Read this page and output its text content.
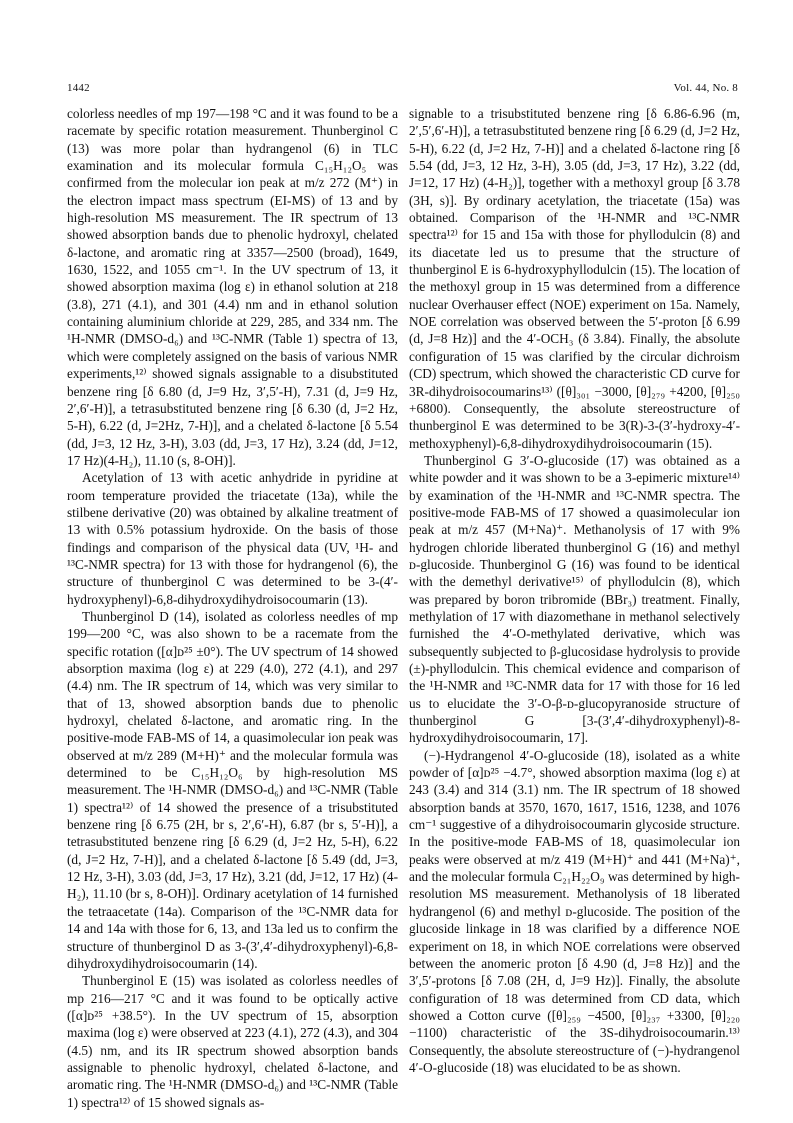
1442	Vol. 44, No. 8

colorless needles of mp 197—198 °C and it was found to be a racemate by specific rotation measurement. Thunberginol C (13) was more polar than hydrangenol (6) in TLC examination and its molecular formula C₁₅H₁₂O₅ was confirmed from the molecular ion peak at m/z 272 (M⁺) in the electron impact mass spectrum (EI-MS) of 13 and by high-resolution MS measurement. The IR spectrum of 13 showed absorption bands due to phenolic hydroxyl, chelated δ-lactone, and aromatic ring at 3357—2500 (broad), 1649, 1630, 1522, and 1055 cm⁻¹. In the UV spectrum of 13, it showed absorption maxima (log ε) in ethanol solution at 218 (3.8), 271 (4.1), and 301 (4.4) nm and in ethanol solution containing aluminium chloride at 229, 285, and 334 nm. The ¹H-NMR (DMSO-d₆) and ¹³C-NMR (Table 1) spectra of 13, which were completely assigned on the basis of various NMR experiments,¹²⁾ showed signals assignable to a disubstituted benzene ring [δ 6.80 (d, J=9 Hz, 3′,5′-H), 7.31 (d, J=9 Hz, 2′,6′-H)], a tetrasubstituted benzene ring [δ 6.30 (d, J=2 Hz, 5-H), 6.22 (d, J=2Hz, 7-H)], and a chelated δ-lactone [δ 5.54 (dd, J=3, 12 Hz, 3-H), 3.03 (dd, J=3, 17 Hz), 3.24 (dd, J=12, 17 Hz)(4-H₂), 11.10 (s, 8-OH)].

Acetylation of 13 with acetic anhydride in pyridine at room temperature provided the triacetate (13a), while the stilbene derivative (20) was obtained by alkaline treatment of 13 with 0.5% potassium hydroxide. On the basis of those findings and comparison of the physical data (UV, ¹H- and ¹³C-NMR spectra) for 13 with those for hydrangenol (6), the structure of thunberginol C was determined to be 3-(4′-hydroxyphenyl)-6,8-dihydroxydihydroisocoumarin (13).

Thunberginol D (14), isolated as colorless needles of mp 199—200 °C, was also shown to be a racemate from the specific rotation ([α]ᴅ²⁵ ±0°). The UV spectrum of 14 showed absorption maxima (log ε) at 229 (4.0), 272 (4.1), and 297 (4.4) nm. The IR spectrum of 14, which was very similar to that of 13, showed absorption bands due to phenolic hydroxyl, chelated δ-lactone, and aromatic ring. In the positive-mode FAB-MS of 14, a quasimolecular ion peak was observed at m/z 289 (M+H)⁺ and the molecular formula was determined to be C₁₅H₁₂O₆ by high-resolution MS measurement. The ¹H-NMR (DMSO-d₆) and ¹³C-NMR (Table 1) spectra¹²⁾ of 14 showed the presence of a trisubstituted benzene ring [δ 6.75 (2H, br s, 2′,6′-H), 6.87 (br s, 5′-H)], a tetrasubstituted benzene ring [δ 6.29 (d, J=2 Hz, 5-H), 6.22 (d, J=2 Hz, 7-H)], and a chelated δ-lactone [δ 5.49 (dd, J=3, 12 Hz, 3-H), 3.03 (dd, J=3, 17 Hz), 3.21 (dd, J=12, 17 Hz) (4-H₂), 11.10 (br s, 8-OH)]. Ordinary acetylation of 14 furnished the tetraacetate (14a). Comparison of the ¹³C-NMR data for 14 and 14a with those for 6, 13, and 13a led us to confirm the structure of thunberginol D as 3-(3′,4′-dihydroxyphenyl)-6,8-dihydroxydihydroisocoumarin (14).

Thunberginol E (15) was isolated as colorless needles of mp 216—217 °C and it was found to be optically active ([α]ᴅ²⁵ +38.5°). In the UV spectrum of 15, absorption maxima (log ε) were observed at 223 (4.1), 272 (4.3), and 304 (4.5) nm, and its IR spectrum showed absorption bands assignable to phenolic hydroxyl, chelated δ-lactone, and aromatic ring. The ¹H-NMR (DMSO-d₆) and ¹³C-NMR (Table 1) spectra¹²⁾ of 15 showed signals as-

signable to a trisubstituted benzene ring [δ 6.86-6.96 (m, 2′,5′,6′-H)], a tetrasubstituted benzene ring [δ 6.29 (d, J=2 Hz, 5-H), 6.22 (d, J=2 Hz, 7-H)] and a chelated δ-lactone ring [δ 5.54 (dd, J=3, 12 Hz, 3-H), 3.05 (dd, J=3, 17 Hz), 3.22 (dd, J=12, 17 Hz) (4-H₂)], together with a methoxyl group [δ 3.78 (3H, s)]. By ordinary acetylation, the triacetate (15a) was obtained. Comparison of the ¹H-NMR and ¹³C-NMR spectra¹²⁾ for 15 and 15a with those for phyllodulcin (8) and its diacetate led us to presume that the structure of thunberginol E is 6-hydroxyphyllodulcin (15). The location of the methoxyl group in 15 was determined from a difference nuclear Overhauser effect (NOE) experiment on 15a. Namely, NOE correlation was observed between the 5′-proton [δ 6.99 (d, J=8 Hz)] and the 4′-OCH₃ (δ 3.84). Finally, the absolute configuration of 15 was clarified by the circular dichroism (CD) spectrum, which showed the characteristic CD curve for 3R-dihydroisocoumarins¹³⁾ ([θ]₃₀₁ −3000, [θ]₂₇₉ +4200, [θ]₂₅₀ +6800). Consequently, the absolute stereostructure of thunberginol E was determined to be 3(R)-3-(3′-hydroxy-4′-methoxyphenyl)-6,8-dihydroxydihydroisocoumarin (15).

Thunberginol G 3′-O-glucoside (17) was obtained as a white powder and it was shown to be a 3-epimeric mixture¹⁴⁾ by examination of the ¹H-NMR and ¹³C-NMR spectra. The positive-mode FAB-MS of 17 showed a quasimolecular ion peak at m/z 457 (M+Na)⁺. Methanolysis of 17 with 9% hydrogen chloride liberated thunberginol G (16) and methyl ᴅ-glucoside. Thunberginol G (16) was found to be identical with the demethyl derivative¹⁵⁾ of phyllodulcin (8), which was prepared by boron tribromide (BBr₃) treatment. Finally, methylation of 17 with diazomethane in methanol selectively furnished the 4′-O-methylated derivative, which was subsequently subjected to β-glucosidase hydrolysis to provide (±)-phyllodulcin. This chemical evidence and comparison of the ¹H-NMR and ¹³C-NMR data for 17 with those for 16 led us to elucidate the 3′-O-β-ᴅ-glucopyranoside structure of thunberginol G [3-(3′,4′-dihydroxyphenyl)-8-hydroxydihydroisocoumarin, 17].

(−)-Hydrangenol 4′-O-glucoside (18), isolated as a white powder of [α]ᴅ²⁵ −4.7°, showed absorption maxima (log ε) at 243 (3.4) and 314 (3.1) nm. The IR spectrum of 18 showed absorption bands at 3570, 1670, 1617, 1516, 1238, and 1076 cm⁻¹ suggestive of a dihydroisocoumarin glycoside structure. In the positive-mode FAB-MS of 18, quasimolecular ion peaks were observed at m/z 419 (M+H)⁺ and 441 (M+Na)⁺, and the molecular formula C₂₁H₂₂O₉ was determined by high-resolution MS measurement. Methanolysis of 18 liberated hydrangenol (6) and methyl ᴅ-glucoside. The position of the glucoside linkage in 18 was clarified by a difference NOE experiment on 18, in which NOE correlations were observed between the anomeric proton [δ 4.90 (d, J=8 Hz)] and the 3′,5′-protons [δ 7.08 (2H, d, J=9 Hz)]. Finally, the absolute configuration of 18 was determined from CD data, which showed a Cotton curve ([θ]₂₅₉ −4500, [θ]₂₃₇ +3300, [θ]₂₂₀ −1100) characteristic of the 3S-dihydroisocoumarin.¹³⁾Consequently, the absolute stereostructure of (−)-hydrangenol 4′-O-glucoside (18) was elucidated to be as shown.
